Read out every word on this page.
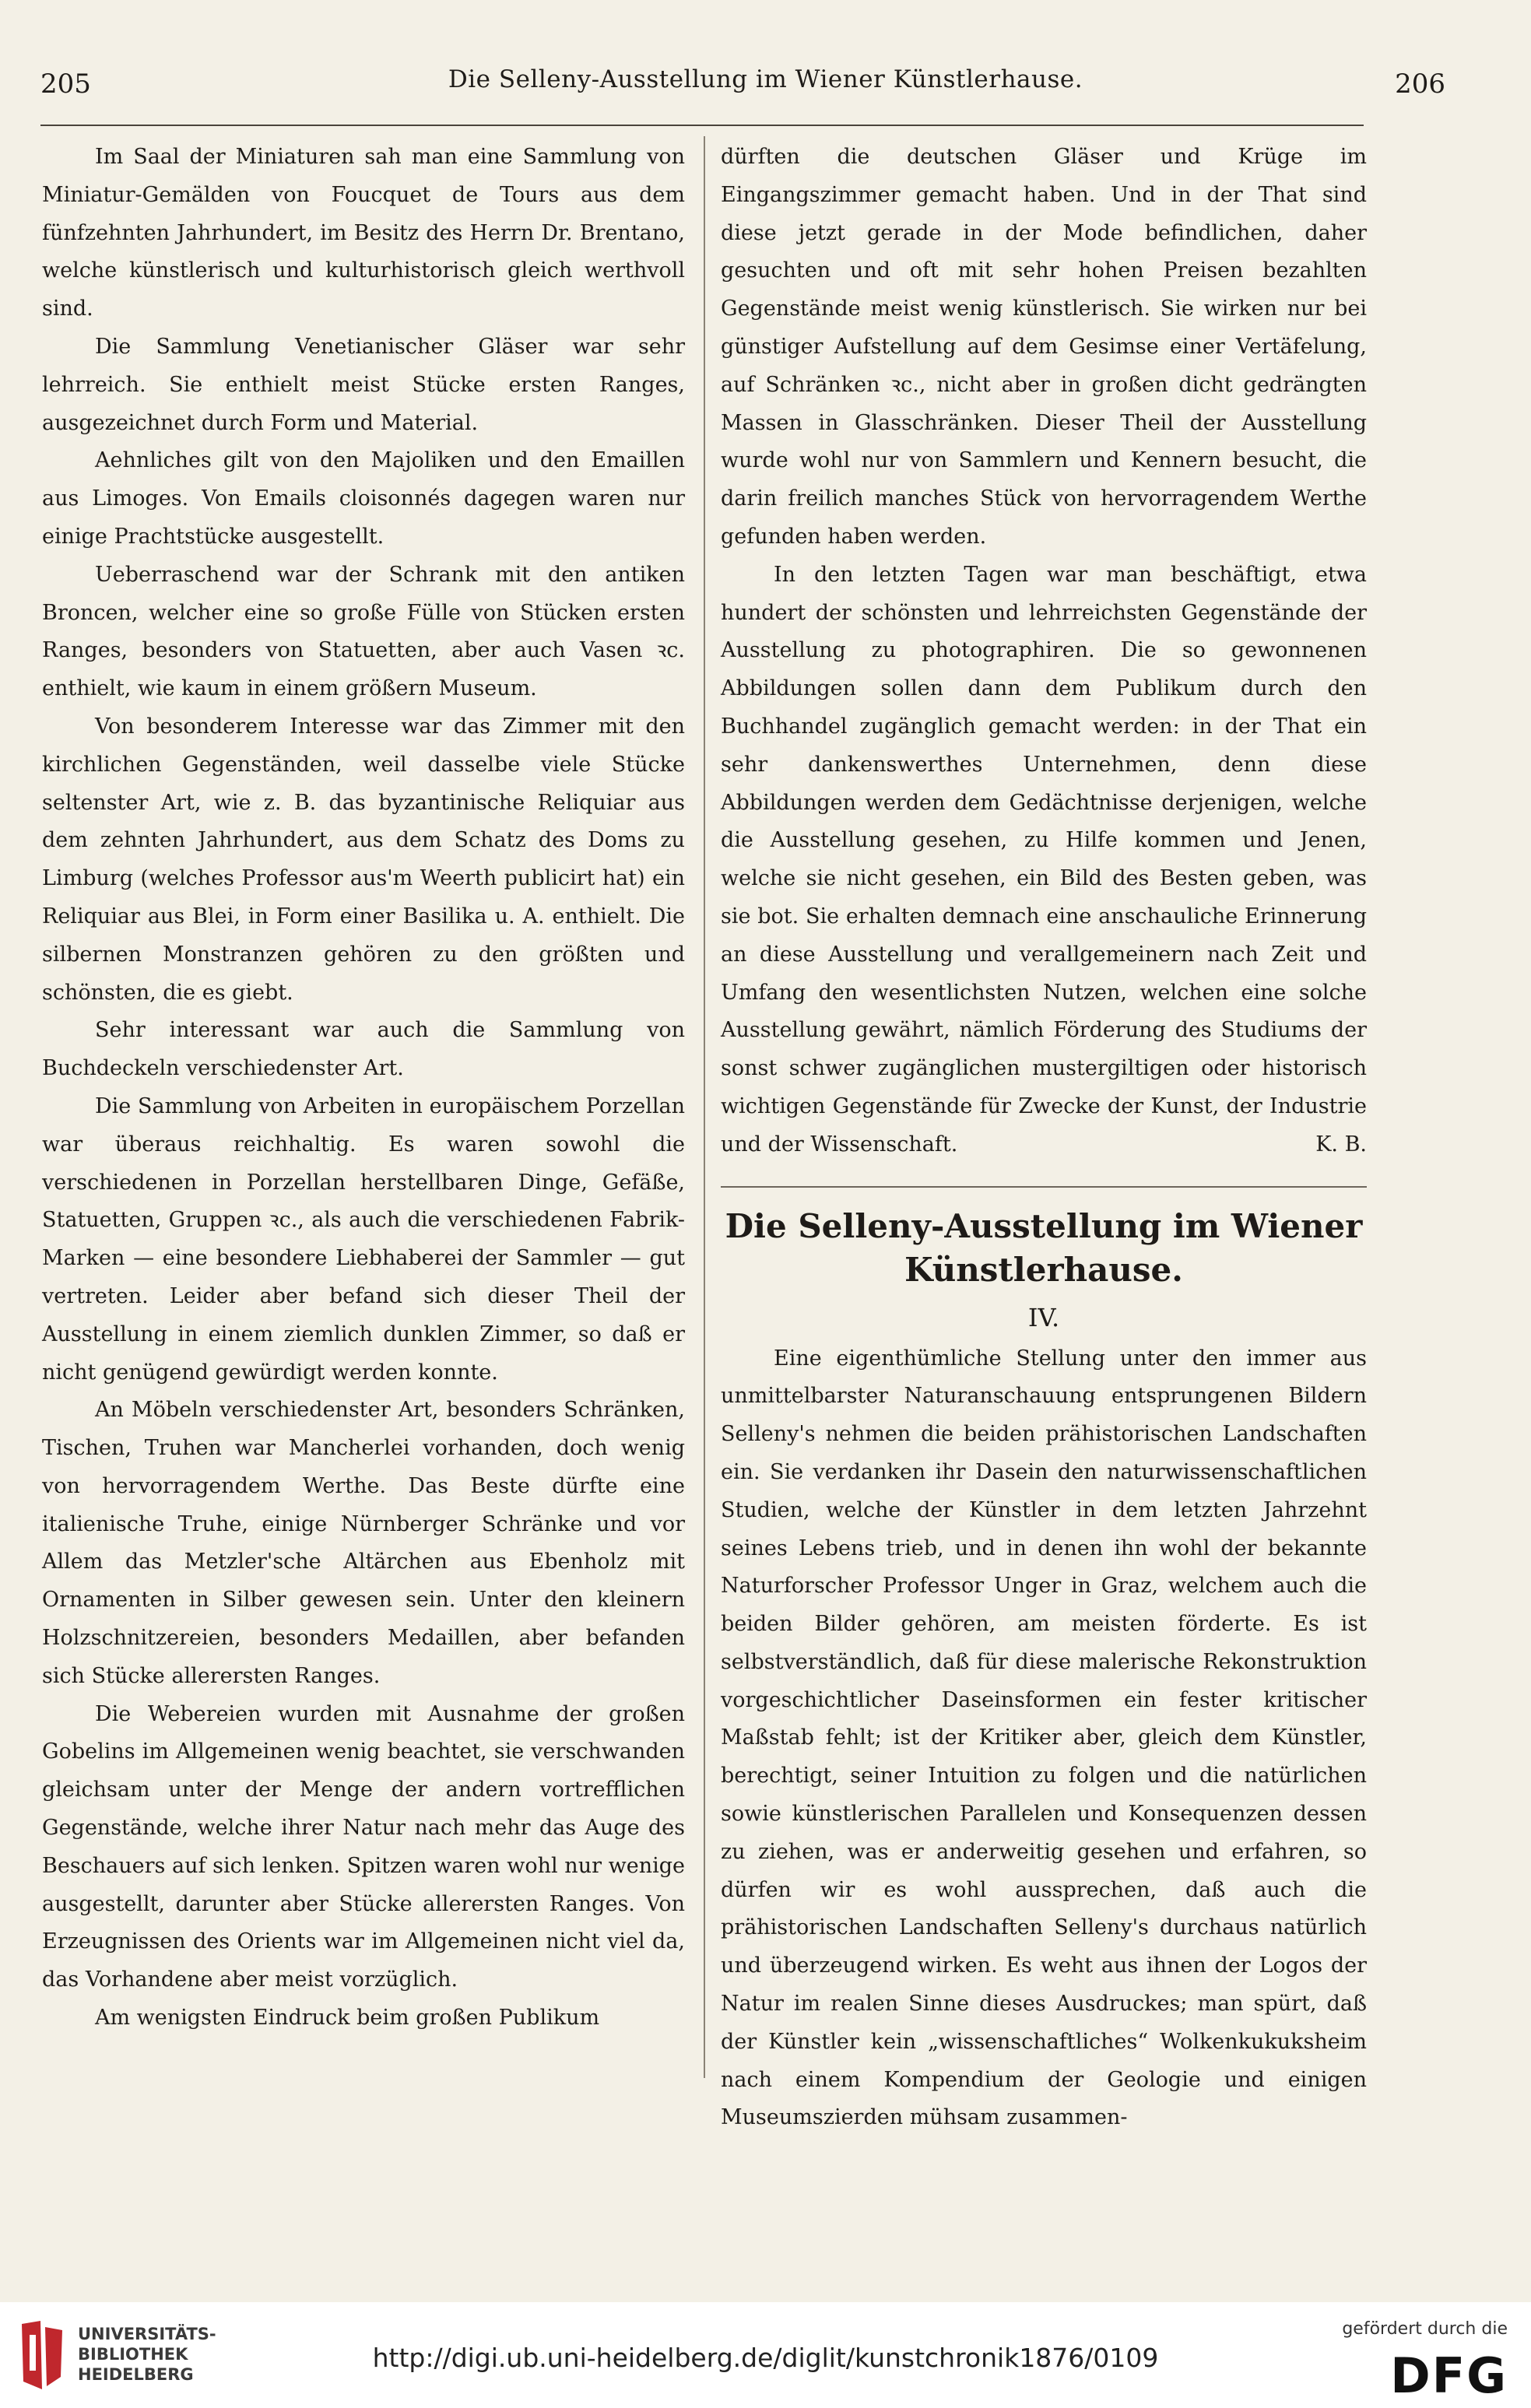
205	Die Selleny-Ausstellung im Wiener Künstlerhause.	206

Im Saal der Miniaturen sah man eine Sammlung von Miniatur-Gemälden von Foucquet de Tours aus dem fünfzehnten Jahrhundert, im Besitz des Herrn Dr. Brentano, welche künstlerisch und kulturhistorisch gleich werthvoll sind.

Die Sammlung Venetianischer Gläser war sehr lehrreich. Sie enthielt meist Stücke ersten Ranges, ausgezeichnet durch Form und Material.

Aehnliches gilt von den Majoliken und den Emaillen aus Limoges. Von Emails cloisonnés dagegen waren nur einige Prachtstücke ausgestellt.

Ueberraschend war der Schrank mit den antiken Broncen, welcher eine so große Fülle von Stücken ersten Ranges, besonders von Statuetten, aber auch Vasen ꝛc. enthielt, wie kaum in einem größern Museum.

Von besonderem Interesse war das Zimmer mit den kirchlichen Gegenständen, weil dasselbe viele Stücke seltenster Art, wie z. B. das byzantinische Reliquiar aus dem zehnten Jahrhundert, aus dem Schatz des Doms zu Limburg (welches Professor aus'm Weerth publicirt hat) ein Reliquiar aus Blei, in Form einer Basilika u. A. enthielt. Die silbernen Monstranzen gehören zu den größten und schönsten, die es giebt.

Sehr interessant war auch die Sammlung von Buchdeckeln verschiedenster Art.

Die Sammlung von Arbeiten in europäischem Porzellan war überaus reichhaltig. Es waren sowohl die verschiedenen in Porzellan herstellbaren Dinge, Gefäße, Statuetten, Gruppen ꝛc., als auch die verschiedenen Fabrik-Marken — eine besondere Liebhaberei der Sammler — gut vertreten. Leider aber befand sich dieser Theil der Ausstellung in einem ziemlich dunklen Zimmer, so daß er nicht genügend gewürdigt werden konnte.

An Möbeln verschiedenster Art, besonders Schränken, Tischen, Truhen war Mancherlei vorhanden, doch wenig von hervorragendem Werthe. Das Beste dürfte eine italienische Truhe, einige Nürnberger Schränke und vor Allem das Metzler'sche Altärchen aus Ebenholz mit Ornamenten in Silber gewesen sein. Unter den kleinern Holzschnitzereien, besonders Medaillen, aber befanden sich Stücke allerersten Ranges.

Die Webereien wurden mit Ausnahme der großen Gobelins im Allgemeinen wenig beachtet, sie verschwanden gleichsam unter der Menge der andern vortrefflichen Gegenstände, welche ihrer Natur nach mehr das Auge des Beschauers auf sich lenken. Spitzen waren wohl nur wenige ausgestellt, darunter aber Stücke allerersten Ranges. Von Erzeugnissen des Orients war im Allgemeinen nicht viel da, das Vorhandene aber meist vorzüglich.

Am wenigsten Eindruck beim großen Publikum

dürften die deutschen Gläser und Krüge im Eingangszimmer gemacht haben. Und in der That sind diese jetzt gerade in der Mode befindlichen, daher gesuchten und oft mit sehr hohen Preisen bezahlten Gegenstände meist wenig künstlerisch. Sie wirken nur bei günstiger Aufstellung auf dem Gesimse einer Vertäfelung, auf Schränken ꝛc., nicht aber in großen dicht gedrängten Massen in Glasschränken. Dieser Theil der Ausstellung wurde wohl nur von Sammlern und Kennern besucht, die darin freilich manches Stück von hervorragendem Werthe gefunden haben werden.

In den letzten Tagen war man beschäftigt, etwa hundert der schönsten und lehrreichsten Gegenstände der Ausstellung zu photographiren. Die so gewonnenen Abbildungen sollen dann dem Publikum durch den Buchhandel zugänglich gemacht werden: in der That ein sehr dankenswerthes Unternehmen, denn diese Abbildungen werden dem Gedächtnisse derjenigen, welche die Ausstellung gesehen, zu Hilfe kommen und Jenen, welche sie nicht gesehen, ein Bild des Besten geben, was sie bot. Sie erhalten demnach eine anschauliche Erinnerung an diese Ausstellung und verallgemeinern nach Zeit und Umfang den wesentlichsten Nutzen, welchen eine solche Ausstellung gewährt, nämlich Förderung des Studiums der sonst schwer zugänglichen mustergiltigen oder historisch wichtigen Gegenstände für Zwecke der Kunst, der Industrie und der Wissenschaft.	K. B.

Die Selleny-Ausstellung im Wiener Künstlerhause.
IV.

Eine eigenthümliche Stellung unter den immer aus unmittelbarster Naturanschauung entsprungenen Bildern Selleny's nehmen die beiden prähistorischen Landschaften ein. Sie verdanken ihr Dasein den naturwissenschaftlichen Studien, welche der Künstler in dem letzten Jahrzehnt seines Lebens trieb, und in denen ihn wohl der bekannte Naturforscher Professor Unger in Graz, welchem auch die beiden Bilder gehören, am meisten förderte. Es ist selbstverständlich, daß für diese malerische Rekonstruktion vorgeschichtlicher Daseinsformen ein fester kritischer Maßstab fehlt; ist der Kritiker aber, gleich dem Künstler, berechtigt, seiner Intuition zu folgen und die natürlichen sowie künstlerischen Parallelen und Konsequenzen dessen zu ziehen, was er anderweitig gesehen und erfahren, so dürfen wir es wohl aussprechen, daß auch die prähistorischen Landschaften Selleny's durchaus natürlich und überzeugend wirken. Es weht aus ihnen der Logos der Natur im realen Sinne dieses Ausdruckes; man spürt, daß der Künstler kein „wissenschaftliches“ Wolkenkukuksheim nach einem Kompendium der Geologie und einigen Museumszierden mühsam zusammen-

UNIVERSITÄTS-
BIBLIOTHEK
HEIDELBERG
http://digi.ub.uni-heidelberg.de/diglit/kunstchronik1876/0109
gefördert durch die
DFG
